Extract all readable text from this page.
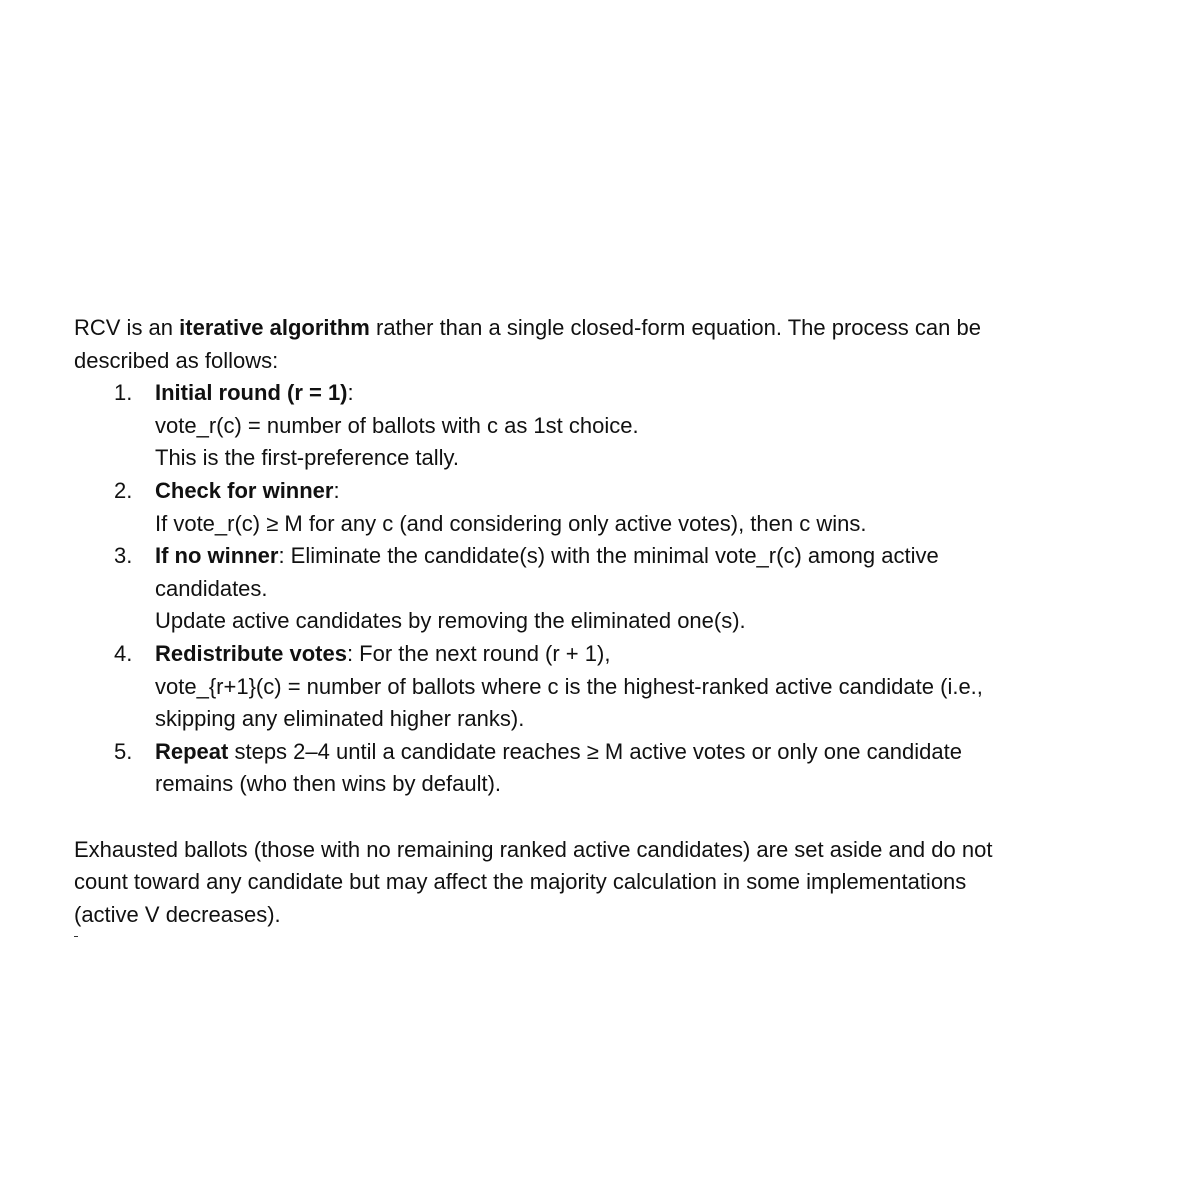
RCV is an iterative algorithm rather than a single closed-form equation. The process can be
described as follows:
1. Initial round (r = 1):
vote_r(c) = number of ballots with c as 1st choice.
This is the first-preference tally.
2. Check for winner:
If vote_r(c) ≥ M for any c (and considering only active votes), then c wins.
3. If no winner: Eliminate the candidate(s) with the minimal vote_r(c) among active
candidates.
Update active candidates by removing the eliminated one(s).
4. Redistribute votes: For the next round (r + 1),
vote_{r+1}(c) = number of ballots where c is the highest-ranked active candidate (i.e.,
skipping any eliminated higher ranks).
5. Repeat steps 2–4 until a candidate reaches ≥ M active votes or only one candidate
remains (who then wins by default).
Exhausted ballots (those with no remaining ranked active candidates) are set aside and do not
count toward any candidate but may affect the majority calculation in some implementations
(active V decreases).
